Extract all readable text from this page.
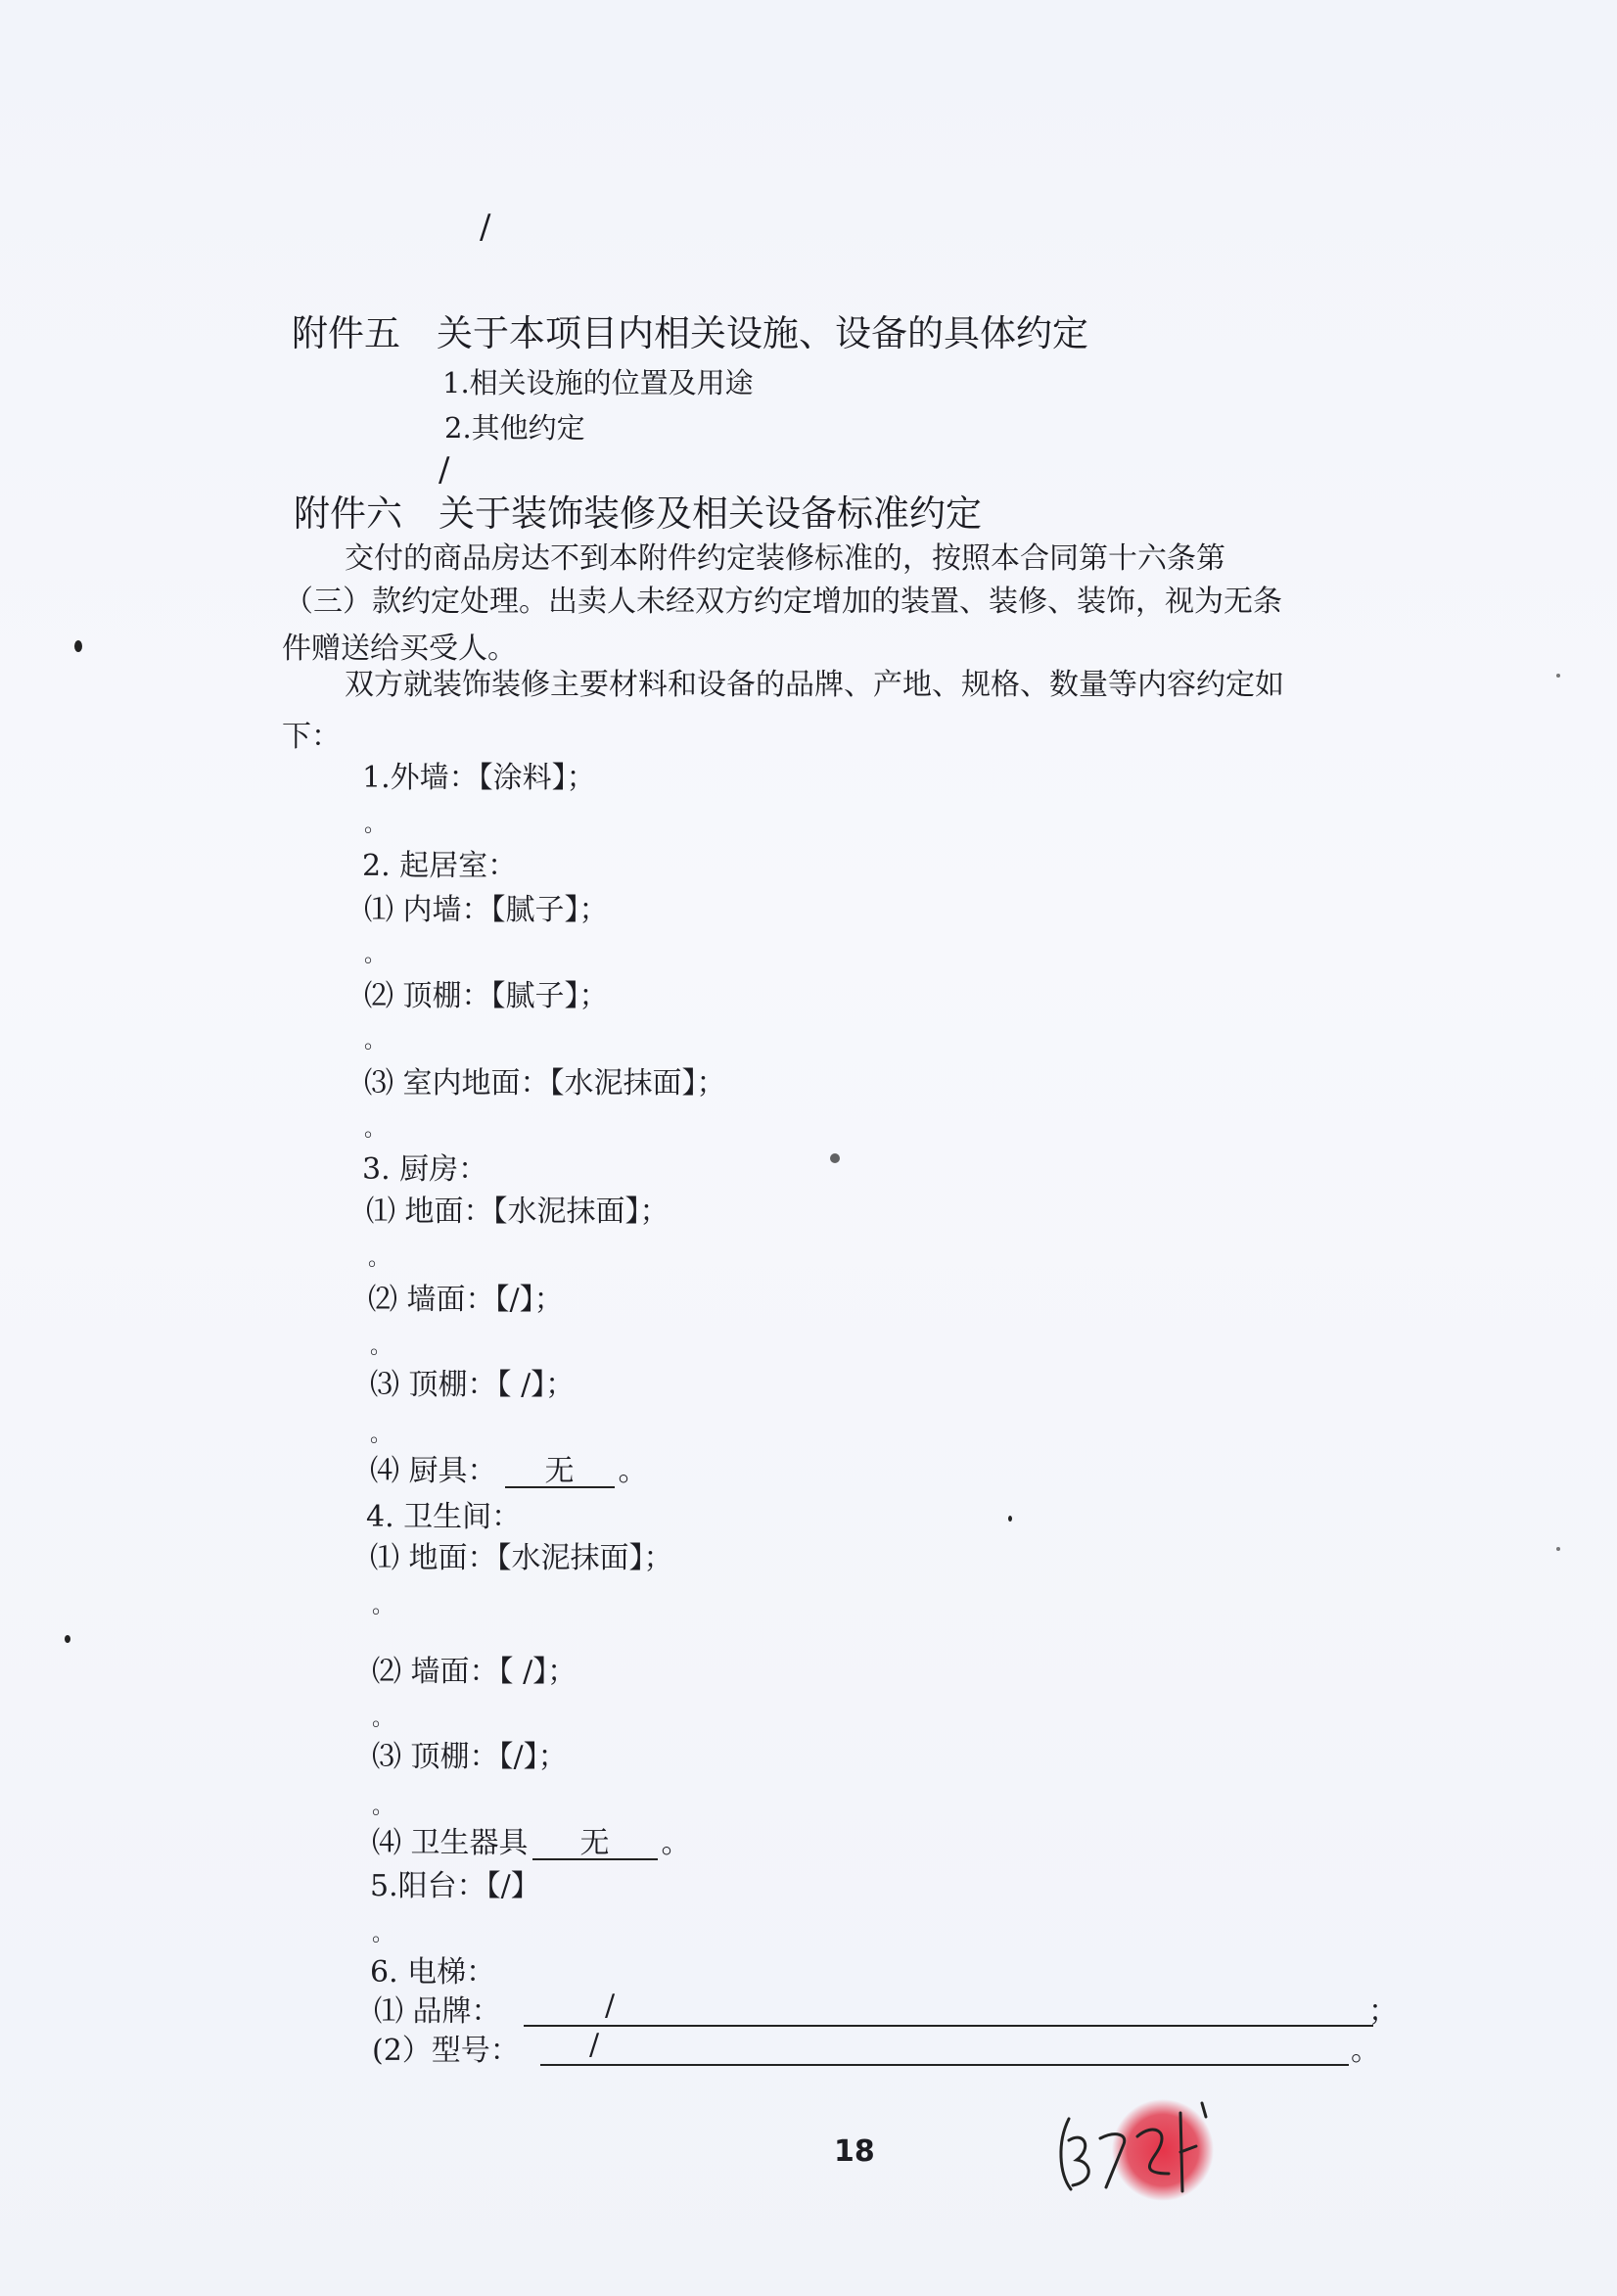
/
附件五　关于本项目内相关设施、设备的具体约定
1.相关设施的位置及用途
2.其他约定
/
附件六　关于装饰装修及相关设备标准约定
交付的商品房达不到本附件约定装修标准的，按照本合同第十六条第
（三）款约定处理。出卖人未经双方约定增加的装置、装修、装饰，视为无条
件赠送给买受人。
双方就装饰装修主要材料和设备的品牌、产地、规格、数量等内容约定如
下：
1.外墙：【涂料】；
。
2. 起居室：
⑴ 内墙：【腻子】；
。
⑵ 顶棚：【腻子】；
。
⑶ 室内地面：【水泥抹面】；
。
3. 厨房：
⑴ 地面：【水泥抹面】；
。
⑵ 墙面：【/】；
。
⑶ 顶棚：【 /】；
。
⑷ 厨具： 无 。
4. 卫生间：
⑴ 地面：【水泥抹面】；
。
⑵ 墙面：【 /】；
。
⑶ 顶棚：【/】；
。
⑷ 卫生器具 无 。
5.阳台：【/】
。
6. 电梯：
⑴ 品牌：	/	；
(2）型号： /	。
18
